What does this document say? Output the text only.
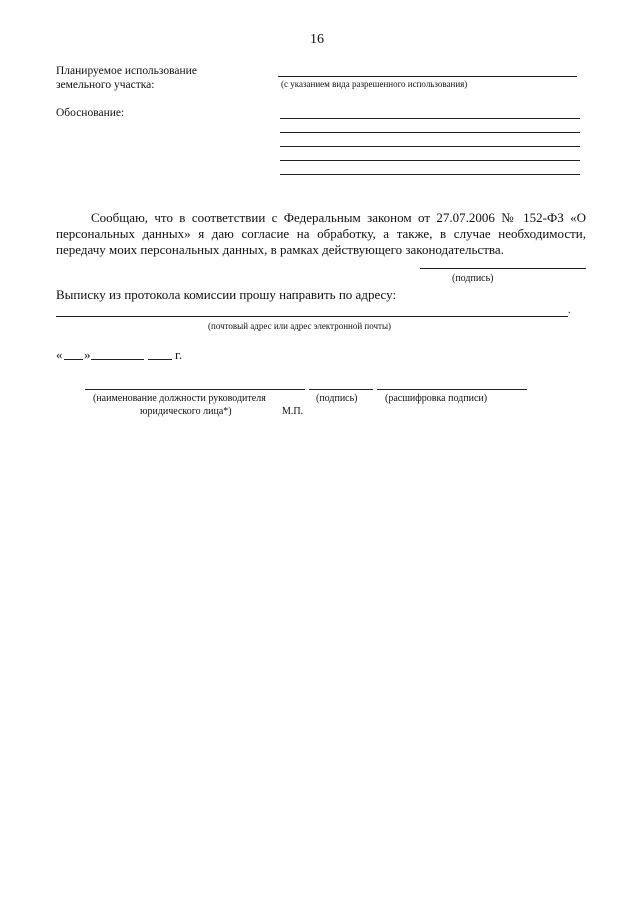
16
Планируемое использование
земельного участка:	(с указанием вида разрешенного использования)
Обоснование:
Сообщаю, что в соответствии с Федеральным законом от 27.07.2006 № 152-ФЗ «О
персональных данных» я даю согласие на обработку, а также, в случае необходимости,
передачу моих персональных данных, в рамках действующего законодательства.
(подпись)
Выписку из протокола комиссии прошу направить по адресу:
.
(почтовый адрес или адрес электронной почты)
« »	г.
(наименование должности руководителя	(подпись)	(расшифровка подписи)
юридического лица*)	М.П.
